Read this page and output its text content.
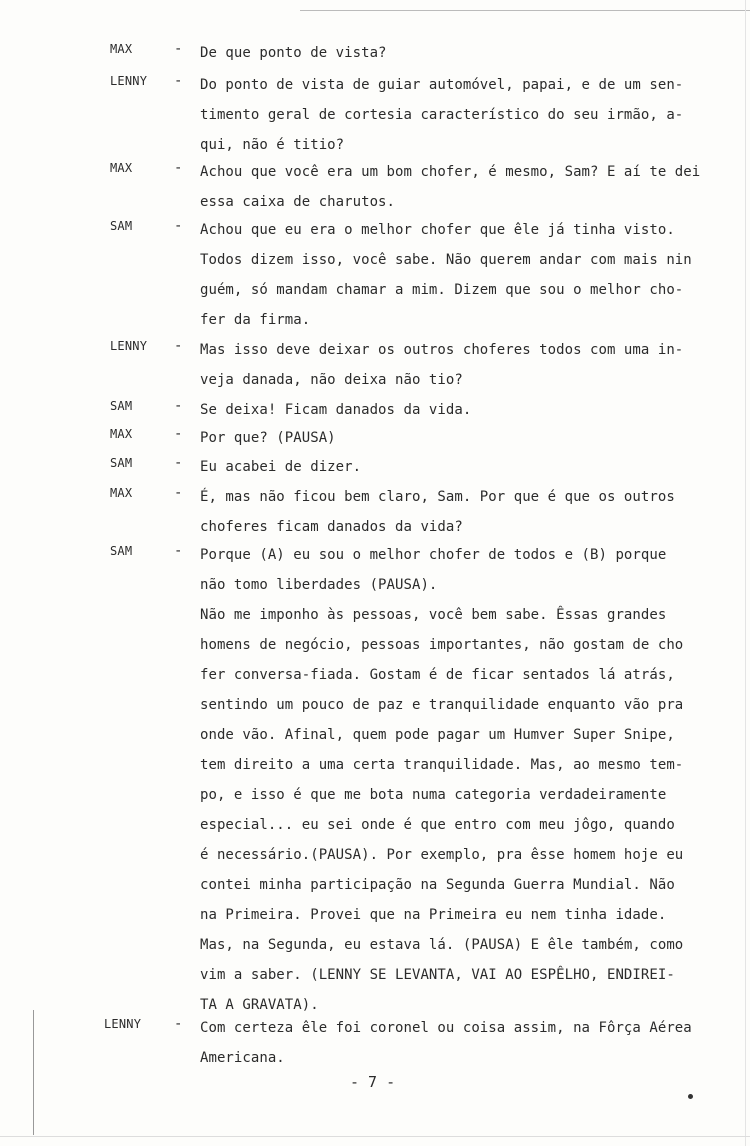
MAX	- De que ponto de vista?
LENNY - Do ponto de vista de guiar automóvel, papai, e de um sen-
timento geral de cortesia característico do seu irmão, a-
qui, não é titio?
MAX	- Achou que você era um bom chofer, é mesmo, Sam? E aí te dei
essa caixa de charutos.
SAM	- Achou que eu era o melhor chofer que êle já tinha visto.
Todos dizem isso, você sabe. Não querem andar com mais nin
guém, só mandam chamar a mim. Dizem que sou o melhor cho-
fer da firma.
LENNY - Mas isso deve deixar os outros choferes todos com uma in-
veja danada, não deixa não tio?
SAM	- Se deixa! Ficam danados da vida.
MAX	- Por que? (PAUSA)
SAM	- Eu acabei de dizer.
MAX	- É, mas não ficou bem claro, Sam. Por que é que os outros
choferes ficam danados da vida?
SAM	- Porque (A) eu sou o melhor chofer de todos e (B) porque
não tomo liberdades (PAUSA).
Não me imponho às pessoas, você bem sabe. Êssas grandes
homens de negócio, pessoas importantes, não gostam de cho
fer conversa-fiada. Gostam é de ficar sentados lá atrás,
sentindo um pouco de paz e tranquilidade enquanto vão pra
onde vão. Afinal, quem pode pagar um Humver Super Snipe,
tem direito a uma certa tranquilidade. Mas, ao mesmo tem-
po, e isso é que me bota numa categoria verdadeiramente
especial... eu sei onde é que entro com meu jôgo, quando
é necessário.(PAUSA). Por exemplo, pra êsse homem hoje eu
contei minha participação na Segunda Guerra Mundial. Não
na Primeira. Provei que na Primeira eu nem tinha idade.
Mas, na Segunda, eu estava lá. (PAUSA) E êle também, como
vim a saber. (LENNY SE LEVANTA, VAI AO ESPÊLHO, ENDIREI-
TA A GRAVATA).
LENNY - Com certeza êle foi coronel ou coisa assim, na Fôrça Aérea
Americana.
- 7 -
